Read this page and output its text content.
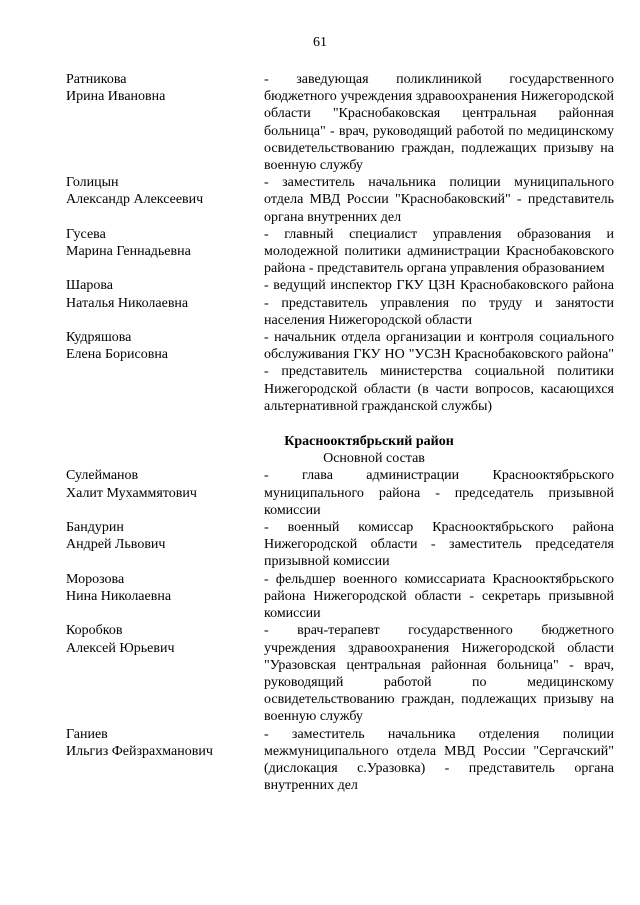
61
Ратникова
Ирина Ивановна
- заведующая поликлиникой государственного бюджетного учреждения здравоохранения Нижегородской области "Краснобаковская центральная районная больница" - врач, руководящий работой по медицинскому освидетельствованию граждан, подлежащих призыву на военную службу
Голицын
Александр Алексеевич
- заместитель начальника полиции муниципального отдела МВД России "Краснобаковский" - представитель органа внутренних дел
Гусева
Марина Геннадьевна
- главный специалист управления образования и молодежной политики администрации Краснобаковского района - представитель органа управления образованием
Шарова
Наталья Николаевна
- ведущий инспектор ГКУ ЦЗН Краснобаковского района - представитель управления по труду и занятости населения Нижегородской области
Кудряшова
Елена Борисовна
- начальник отдела организации и контроля социального обслуживания ГКУ НО "УСЗН Краснобаковского района" - представитель министерства социальной политики Нижегородской области (в части вопросов, касающихся альтернативной гражданской службы)
Краснооктябрьский район
Основной состав
Сулейманов
Халит Мухаммятович
- глава администрации Краснооктябрьского муниципального района - председатель призывной комиссии
Бандурин
Андрей Львович
- военный комиссар Краснооктябрьского района Нижегородской области - заместитель председателя призывной комиссии
Морозова
Нина Николаевна
- фельдшер военного комиссариата Краснооктябрьского района Нижегородской области - секретарь призывной комиссии
Коробков
Алексей Юрьевич
- врач-терапевт государственного бюджетного учреждения здравоохранения Нижегородской области "Уразовская центральная районная больница" - врач, руководящий работой по медицинскому освидетельствованию граждан, подлежащих призыву на военную службу
Ганиев
Ильгиз Фейзрахманович
- заместитель начальника отделения полиции межмуниципального отдела МВД России "Сергачский" (дислокация с.Уразовка) - представитель органа внутренних дел
